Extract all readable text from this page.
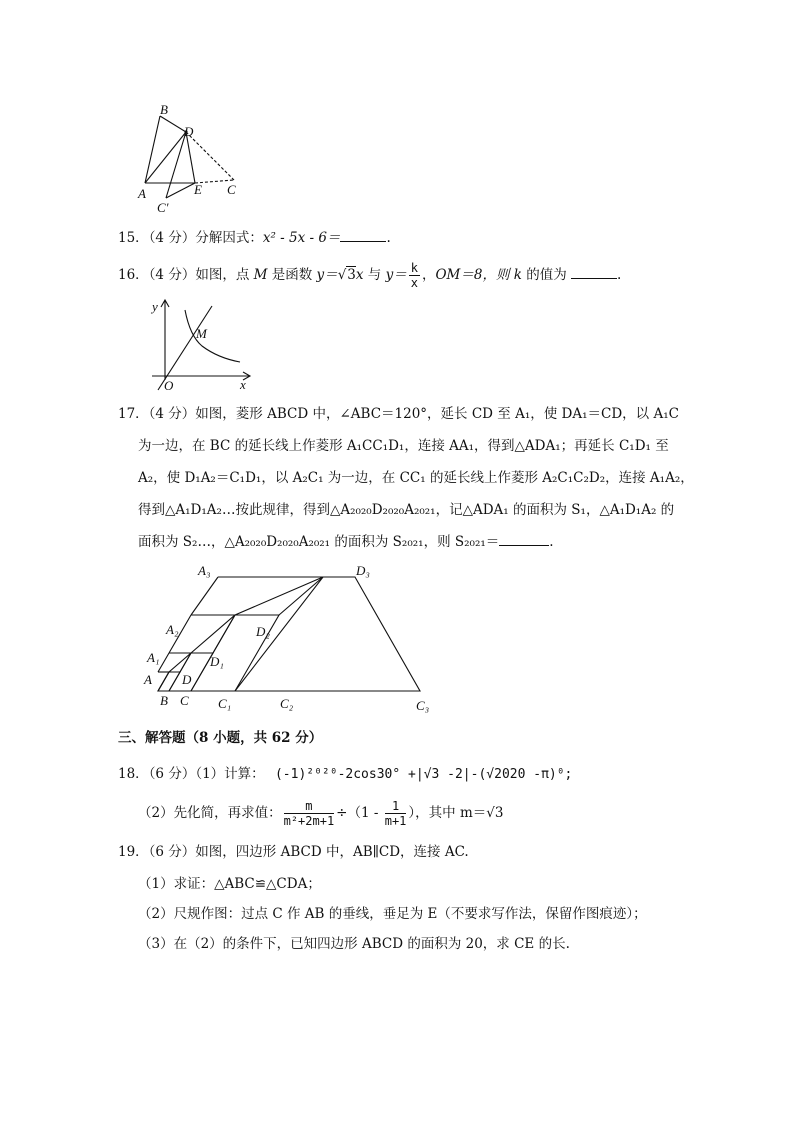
B
D
A	E C
C′
15．（4 分）分解因式：x² - 5x - 6＝	.
16．（4 分）如图，点 M 是函数 y＝√3x 与 $y= \frac{k}{x}$ ，OM＝8，则 k 的值为	.
y
x
O
M
17．（4 分）如图，菱形 ABCD 中，∠ABC＝120°，延长 CD 至 A₁，使 DA₁＝CD，以 A₁C
为一边，在 BC 的延长线上作菱形 A₁CC₁D₁，连接 AA₁，得到△ADA₁；再延长 C₁D₁ 至
A₂，使 D₁A₂＝C₁D₁，以 A₂C₁ 为一边，在 CC₁ 的延长线上作菱形 A₂C₁C₂D₂，连接 A₁A₂，
得到△A₁D₁A₂…按此规律，得到△A₂₀₂₀D₂₀₂₀A₂₀₂₁，记△ADA₁ 的面积为 S₁，△A₁D₁A₂ 的
面积为 S₂…，△A₂₀₂₀D₂₀₂₀A₂₀₂₁ 的面积为 S₂₀₂₁，则 S₂₀₂₁＝	.
A₃	D₃
A₂	D₂
A₁	D₁
A D
B C C₁	C₂	C₃
三、解答题（8 小题，共 62 分）
18．（6 分）（1）计算： (-1)²⁰²⁰-2cos30° +|√3 -2|-(√2020 -π)⁰;
（2）先化简，再求值： $\frac{m}{\text{m²+2m+1}} \div(1 - \frac{1}{m+1}$ ），其中 m＝√3
19．（6 分）如图，四边形 ABCD 中，AB∥CD，连接 AC.
（1）求证：△ABC≌△CDA；
（2）尺规作图：过点 C 作 AB 的垂线，垂足为 E（不要求写作法，保留作图痕迹）；
（3）在（2）的条件下，已知四边形 ABCD 的面积为 20，求 CE 的长.
